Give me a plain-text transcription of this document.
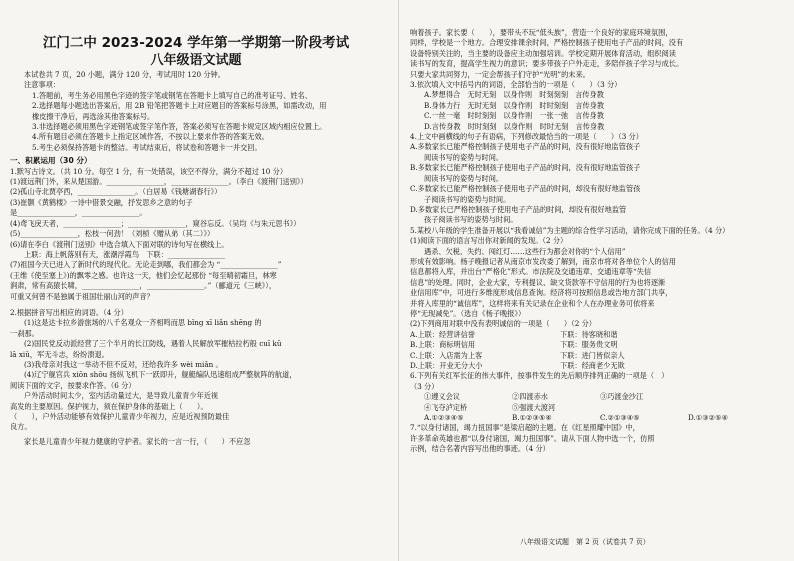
江门二中 2023-2024 学年第一学期第一阶段考试
八年级语文试题
本试卷共 7 页，20 小题，满分 120 分，考试用时 120 分钟。
注意事项：
1.答题前，考生务必用黑色字迹的签字笔或钢笔在答题卡上填写自己的准考证号、姓名、
2.选择题每小题选出答案后，用 2B 铅笔把答题卡上对应题目的答案标号涂黑，如需改动，用
橡皮擦干净后，再选涂其他答案标号。
3.非选择题必须用黑色字迹钢笔或签字笔作答，答案必须写在答题卡规定区域内相应位置上。
4.所有题目必须在答题卡上指定区域作答，不按以上要求作答的答案无效。
5.考生必须保持答题卡的整洁。考试结束后，将试卷和答题卡一并交回。
一、积累运用（30 分）
1.默写古诗文。（共 10 分。每空 1 分，有一处错误，该空不得分，满分不超过 10 分）
(1)渡远荆门外，来从楚国游。________________，________________。（李白《渡荆门送别》）
(2)孤山寺北贾亭西，________________。（白居易《钱塘湖春行》）
(3)崔颢《黄鹤楼》一诗中借景交融，抒发思乡之意的句子
是________________，________________。
(4)鸢飞戾天者，________________；________________，窥谷忘反。（吴均《与朱元思书》）
(5)________________，松枝一何劲！（刘桢《赠从弟（其二）》）
(6)请在李白《渡荆门送别》中选合填入下面对联的诗句写在横线上。
上联：海上帆落别有天，涨潮浮霞鸟　下联：________________
(7)祖国今天已进入了新时代的现代化。无论走到哪，我们都会为 “________________”
(王维《使至塞上》)的飘零之感。也许这一天，他们会忆起那份 “每至晴初霜旦，林寒
涧肃，常有高猿长啸，________________，________________。”（郦道元《三峡》），
可重又何曾不是独属于祖国壮丽山河的声音？
2.根据拼音写出相应的词语。（4 分）
(1)这是达卡拉乡游旅场的八千名观众一齐相鸣而思 bǐng xī liǎn shēng 的
一刹那。
(2)国民党反动派经营了三个半月的长江防线，遇着人民解放军摧枯拉朽般 cuī kū
lā xiǔ，军无斗志，纷纷溃退。
(3)我母亲对我这一举动不但不反对，还给我许多 wèi miǎn 。
(4)辽宁舰官兵 xiōn shōu 扬纵飞机下一跃即升，舰艇编队迅速组成严整航阵的航道，
阅读下面的文字，按要求作答。（6 分）
户外活动时间太少，室内活动量过大，是导致儿童青少年近视
高发的主要原因。保护视力，须在保护身体的基础上（　　）。
（　　），户外活动能够有效保护儿童青少年视力，应是近视预防最佳
良方。
家长是儿童青少年视力健康的守护者。家长的一言一行，（　　）不应忽
响着孩子。家长要（　　），要带头不玩“低头族”，营造一个良好的家庭环境氛围，
同样，学校是一个地方。合理安排课余时间，严格控制孩子使用电子产品的时间，没有
设备特别关注的，当主要的设备应主动加强培训。学校定期开展体育活动，组织阅读
读书写的发育，提高学生视力的意识；要多带孩子户外走走，多陪伴孩子学习与成长。
只要大家共同努力，一定会帮孩子们守护“光明”的未来。
3.依次填入文中括号内的词语，全部恰当的一项是（　　）（3 分）
A.梦想得合　无时无刻　以身作则　时刻刻刻　言传身教
B.身体力行　无时无刻　以身作则　时时刻刻　言传身教
C.一丝一毫　时时刻刻　以身作则　一张一弛　言传身教
D.言传身教　时时刻刻　以身作则　时时无刻　言传身教
4.上文中画横线的句子有语病，下列修改最恰当的一项是（　　）（3 分）
A.多数家长已能严格控制孩子使用电子产品的时间，没有很好地监管孩子
阅读书写的姿势与时间。
B.多数家长已能严格控制孩子使用电子产品的时间，没有很好地监管孩子
阅读书写的姿势与时间。
C.多数家长已能严格控制孩子使用电子产品的时间，却没有很好地监管孩
子阅读书写的姿势与时间。
D.多数家长已严格控制孩子使用电子产品的时间，却没有很好地监管
孩子阅读书写的姿势与时间。
5.某校八年级的学生准备开展以“我看诚信”为主题的综合性学习活动，请你完成下面的任务。（4 分）
(1)阅读下面的语言写出你对新闻的发现。（2 分）
遇杀、欠税、失约、闯红灯……这些行为都会对你的“个人信用”
形成有效影响。杨子晚报记者从南京市发改委了解到，南京市将对各单位个人的信用
信息都将入库，并出台“严格化”形式。市法院及交通违章、交通违章等“失信
信息”的处理。同时，企业大家，专利提议、缺文货款等不守信用的行为也将逐渐
业信用库”中，可进行多维度形成信息查询。经济将可按照信息或告地方部门共享，
并将入库里的“诚信库”，这样将来有关记录在企业和个人在办理业务可依将来
停“无现减免”。（选自《杨子晚报》）
(2)下列商用对联中没有表明诚信的一项是（　　）（2 分）
A.上联：经营讲信誉	下联：待客晓和谐
B.上联：商标明信用	下联：服务贵文明
C.上联：入店需为上客	下联：进门皆似亲人
D.上联：开业无分大小	下联：经商老少无欺
6.下列有关红军长征的伟大事件，按事件发生的先后顺序排列正确的一项是（　）
（3 分）
①遵义会议	②四渡赤水	③巧渡金沙江
④飞夺泸定桥	⑤强渡大渡河
A.①②③④⑤	B.①②③⑤④	C.②①③④⑤	D.①③②⑤④
7.“以身付诸国，竭力扭国事”是梁启超的主题。在《红星照耀中国》中，
许多革命英雄也都“以身付诸国，竭力扭国事”。请从下面人物中选一个，仿照
示例，结合名著内容写出他的事迹。（4 分）
八年级语文试题　第 2 页（试卷共 7 页）
